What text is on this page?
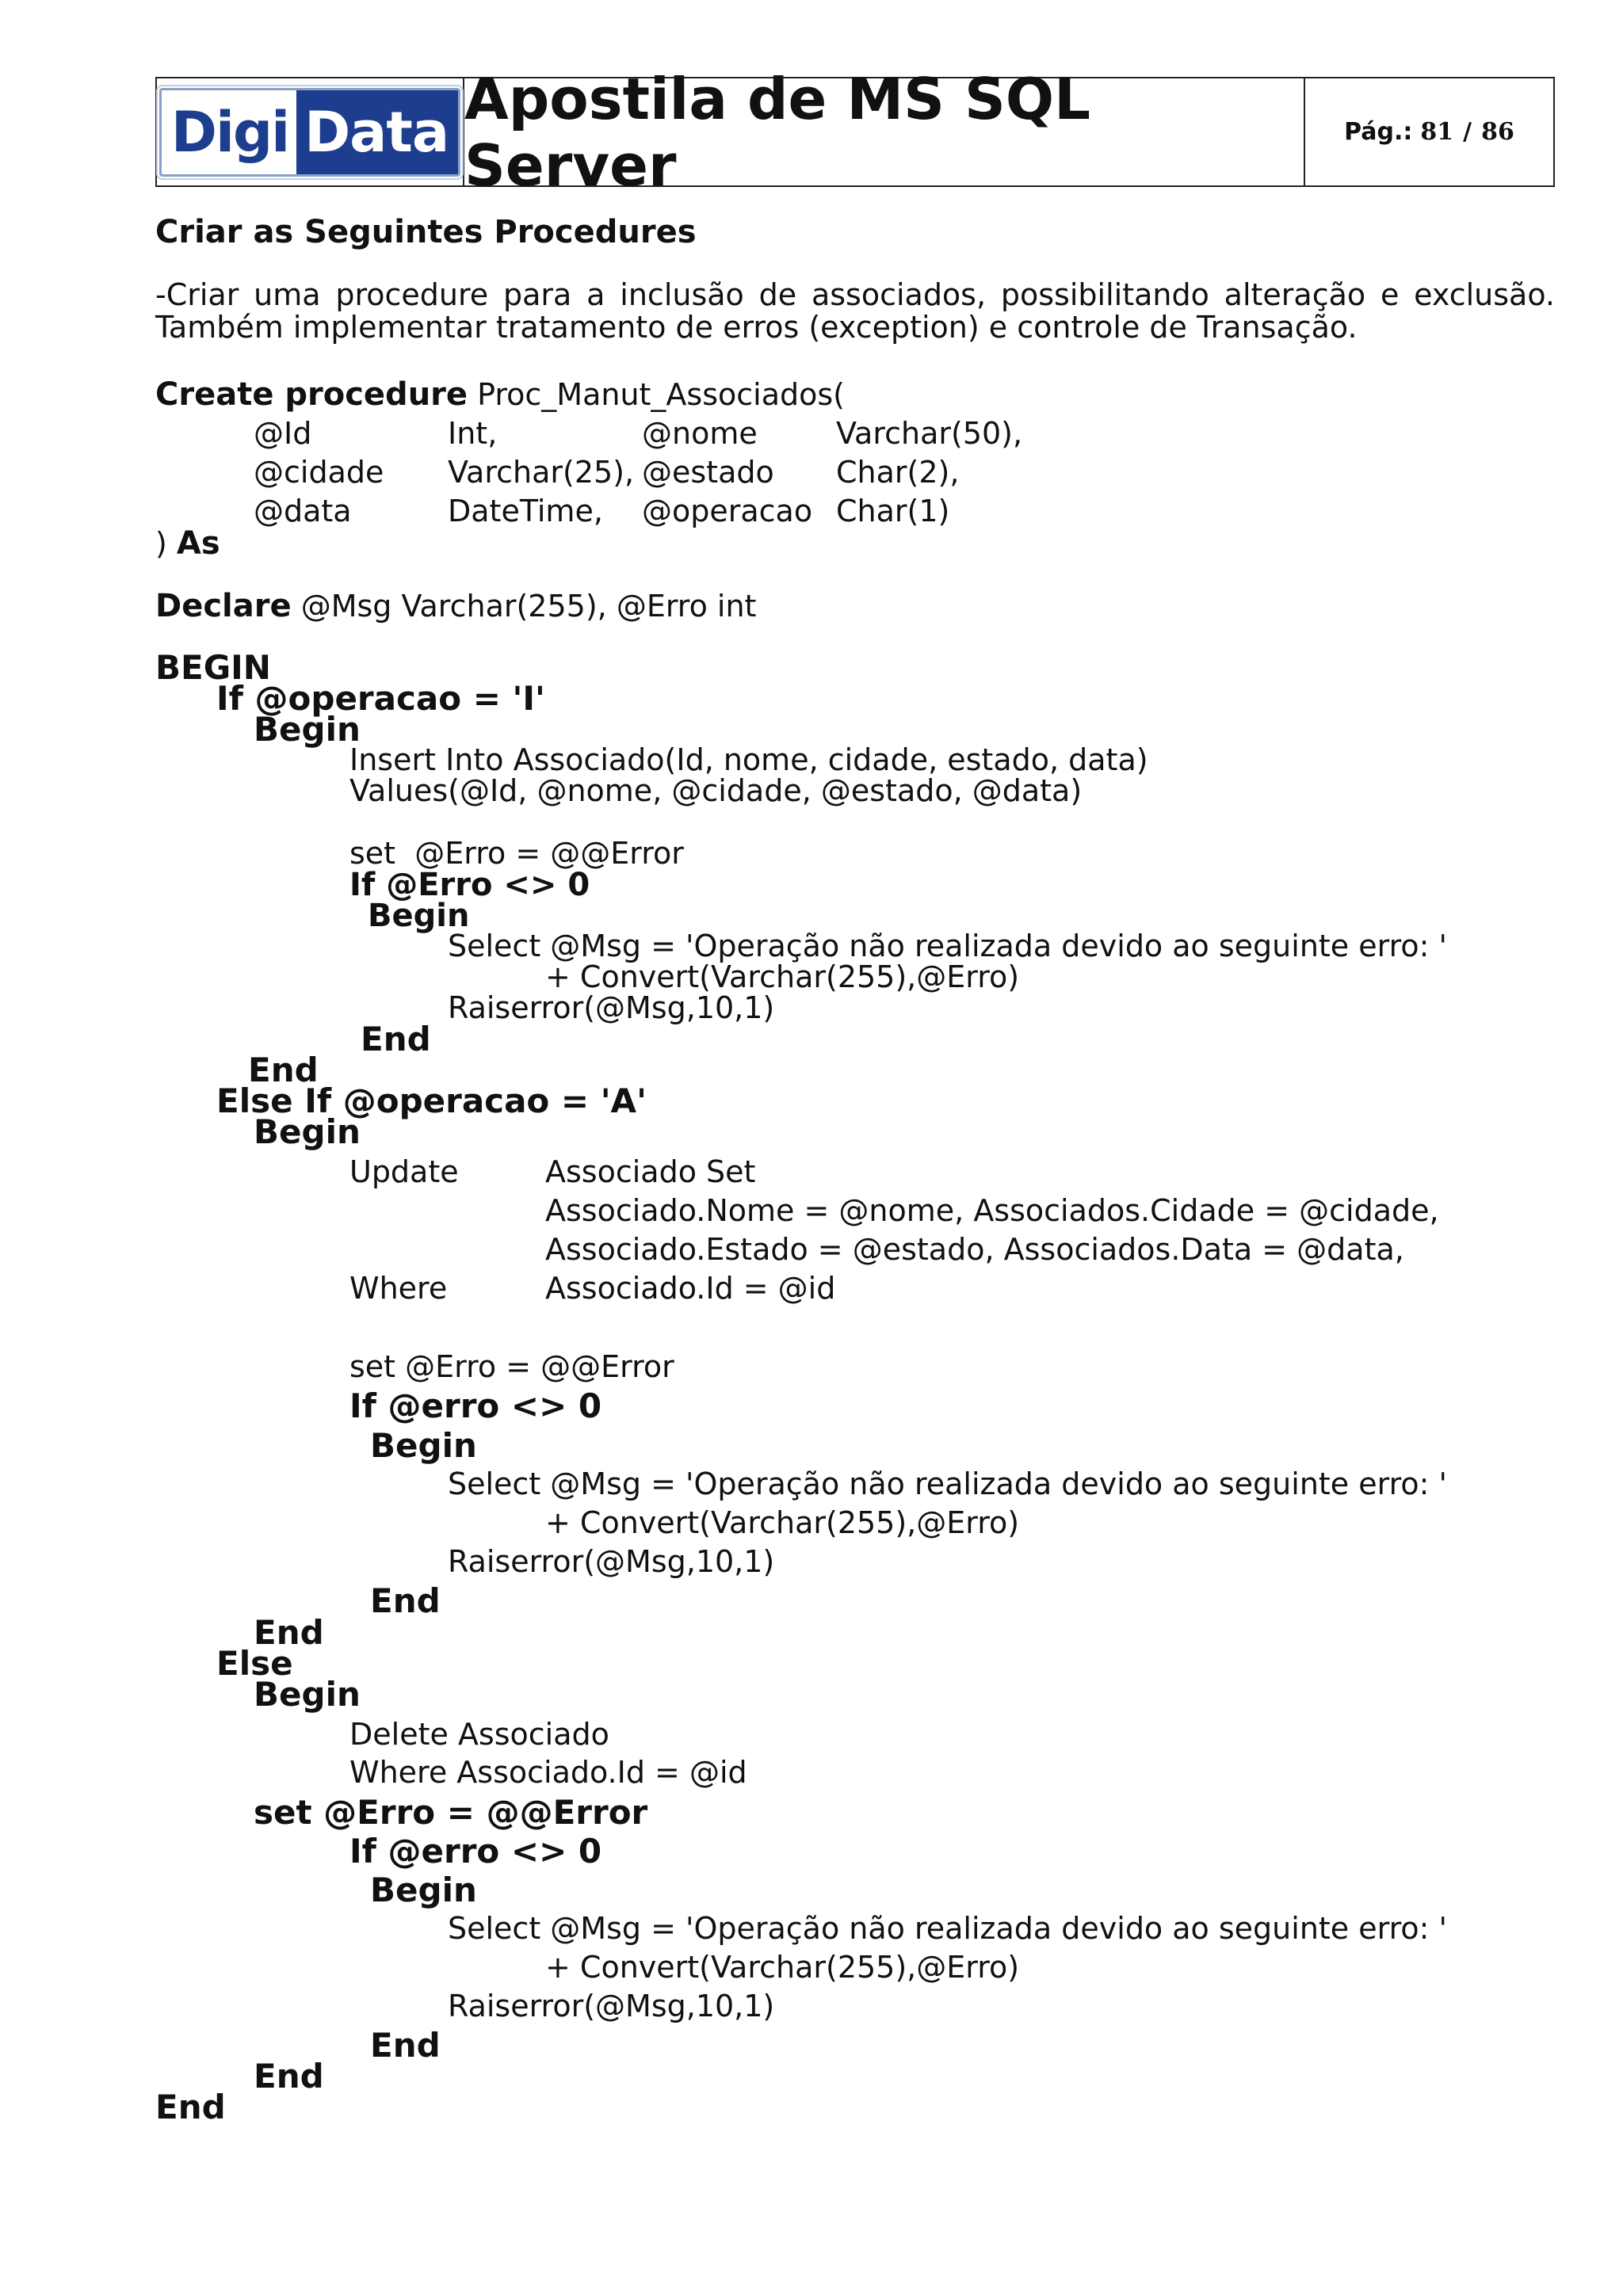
Digi Data Apostila de MS SQL Server	Pág.: 81 / 86
Criar as Seguintes Procedures
-Criar uma procedure para a inclusão de associados, possibilitando alteração e exclusão. Também implementar tratamento de erros (exception) e controle de Transação.
Create procedure Proc_Manut_Associados(
@Id	Int,	@nome	Varchar(50),
@cidade Varchar(25), @estado Char(2),
@data	DateTime, @operacao Char(1)
) As
Declare @Msg Varchar(255), @Erro int
BEGIN
If @operacao = 'I'
Begin
Insert Into Associado(Id, nome, cidade, estado, data)
Values(@Id, @nome, @cidade, @estado, @data)
set  @Erro = @@Error
If @Erro <> 0
Begin
Select @Msg = 'Operação não realizada devido ao seguinte erro: '
+ Convert(Varchar(255),@Erro)
Raiserror(@Msg,10,1)
End
End
Else If @operacao = 'A'
Begin
Update	Associado Set
Associado.Nome = @nome, Associados.Cidade = @cidade,
Associado.Estado = @estado, Associados.Data = @data,
Where	Associado.Id = @id
set @Erro = @@Error
If @erro <> 0
Begin
Select @Msg = 'Operação não realizada devido ao seguinte erro: '
+ Convert(Varchar(255),@Erro)
Raiserror(@Msg,10,1)
End
End
Else
Begin
Delete Associado
Where Associado.Id = @id
set @Erro = @@Error
If @erro <> 0
Begin
Select @Msg = 'Operação não realizada devido ao seguinte erro: '
+ Convert(Varchar(255),@Erro)
Raiserror(@Msg,10,1)
End
End
End
